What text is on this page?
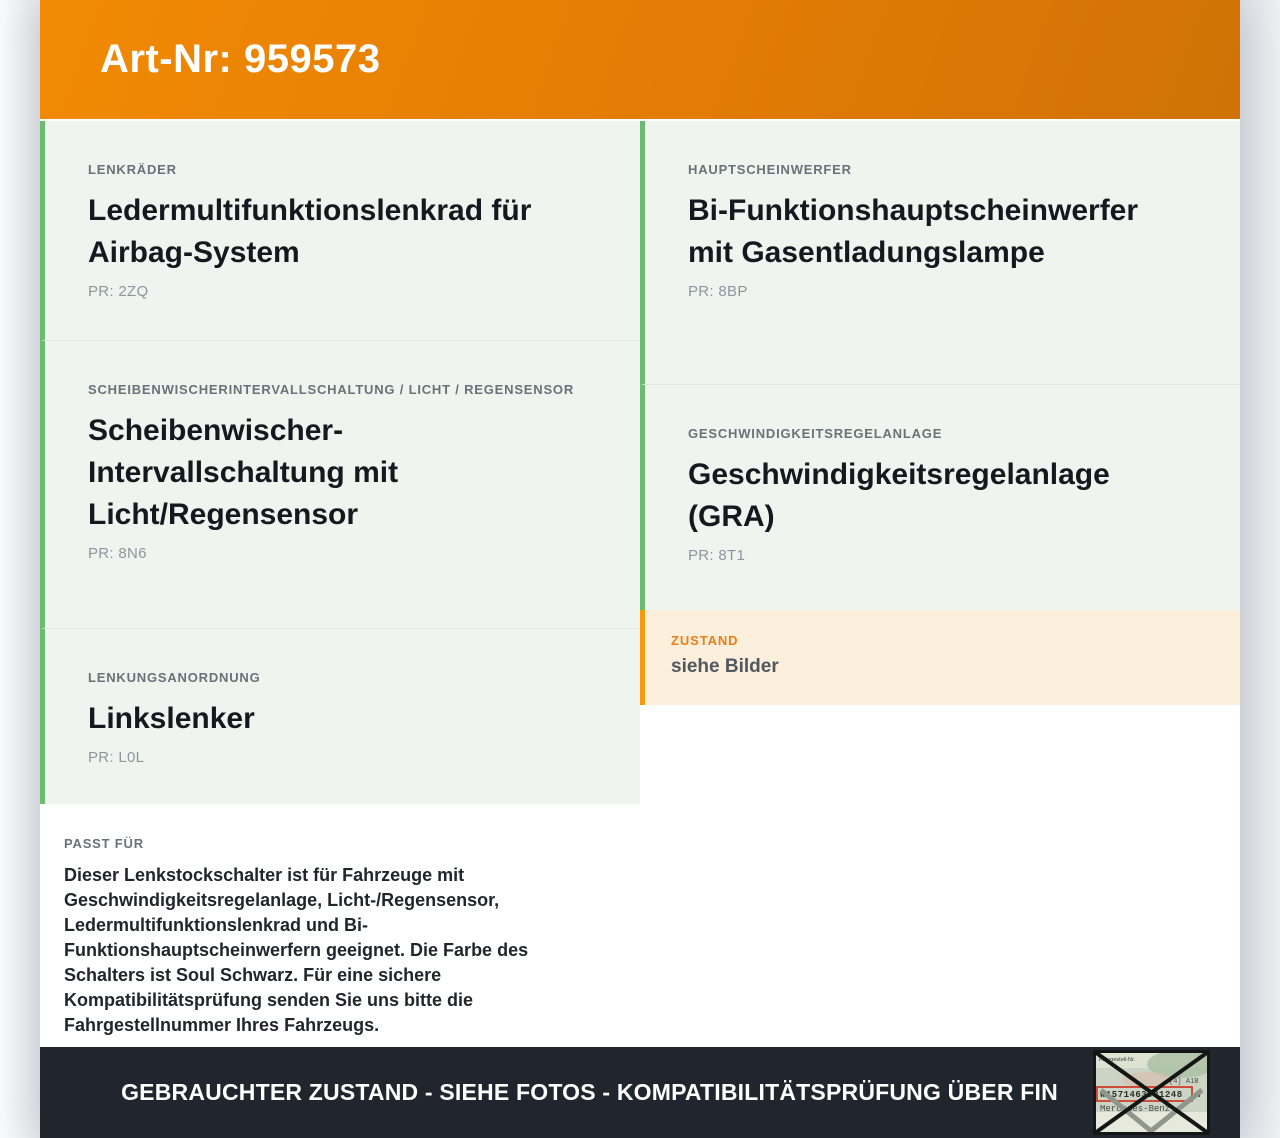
Art-Nr: 959573
LENKRÄDER
Ledermultifunktionslenkrad für Airbag-System
PR: 2ZQ
SCHEIBENWISCHERINTERVALLSCHALTUNG / LICHT / REGENSENSOR
Scheibenwischer-Intervallschaltung mit Licht/Regensensor
PR: 8N6
LENKUNGSANORDNUNG
Linkslenker
PR: L0L
PASST FÜR
Dieser Lenkstockschalter ist für Fahrzeuge mit Geschwindigkeitsregelanlage, Licht-/Regensensor, Ledermultifunktionslenkrad und Bi-Funktionshauptscheinwerfern geeignet. Die Farbe des Schalters ist Soul Schwarz. Für eine sichere Kompatibilitätsprüfung senden Sie uns bitte die Fahrgestellnummer Ihres Fahrzeugs.
HAUPTSCHEINWERFER
Bi-Funktionshauptscheinwerfer mit Gasentladungslampe
PR: 8BP
GESCHWINDIGKEITSREGELANLAGE
Geschwindigkeitsregelanlage (GRA)
PR: 8T1
ZUSTAND
siehe Bilder
GEBRAUCHTER ZUSTAND - SIEHE FOTOS - KOMPATIBILITÄTSPRÜFUNG ÜBER FIN
Fahrgestell-Nr.
[4] A1B
W1571463J31248 7
Mercedes-Benz
